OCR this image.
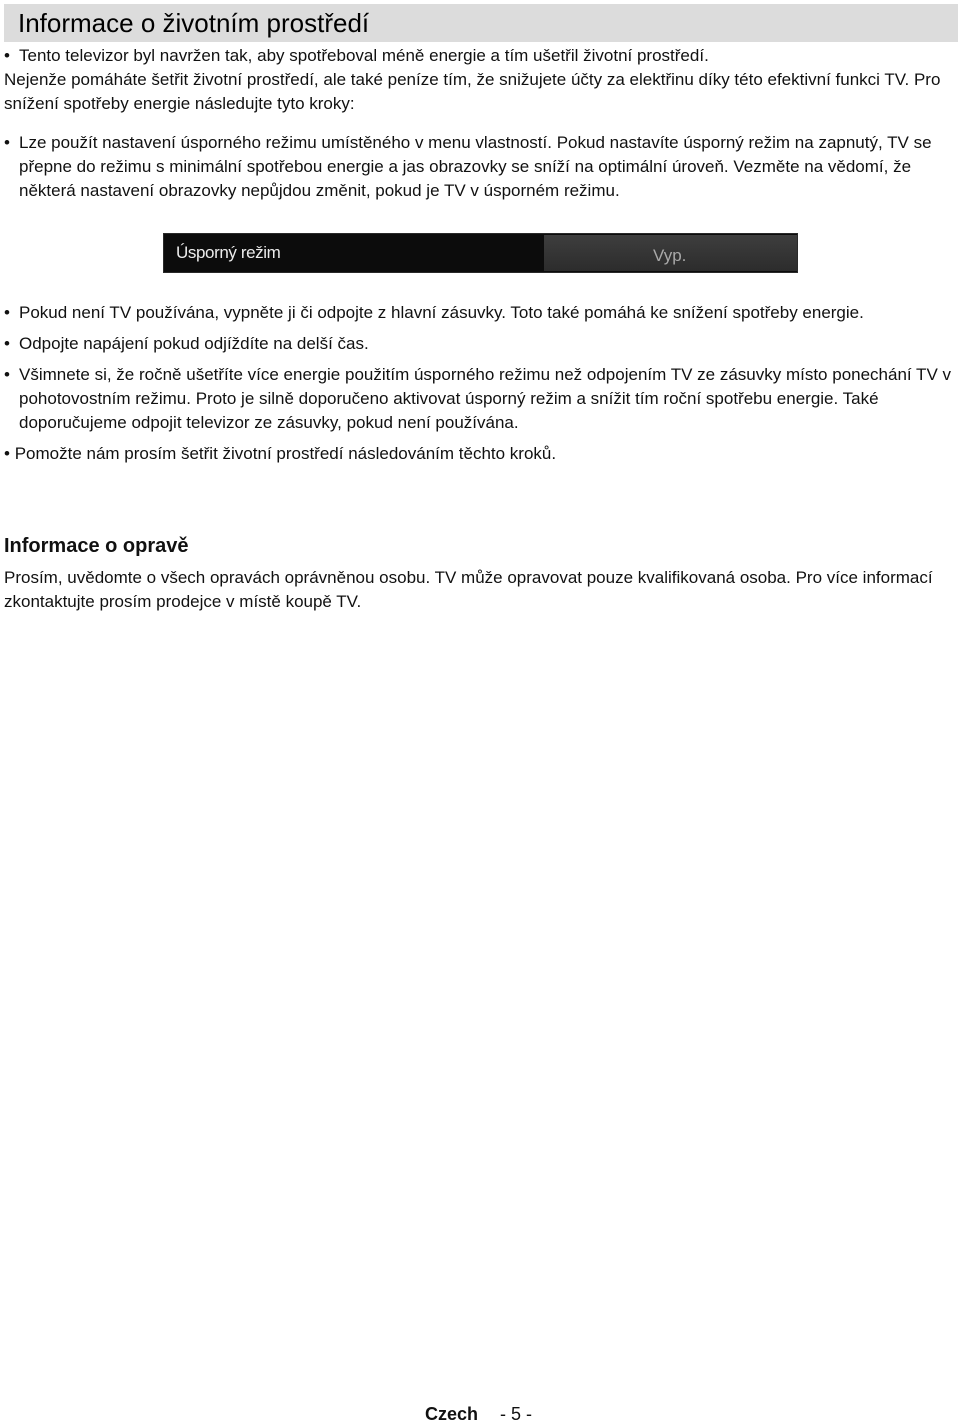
Informace o životním prostředí

• Tento televizor byl navržen tak, aby spotřeboval méně energie a tím ušetřil životní prostředí.

Nejenže pomáháte šetřit životní prostředí, ale také peníze tím, že snižujete účty za elektřinu díky této efektivní funkci TV. Pro snížení spotřeby energie následujte tyto kroky:

• Lze použít nastavení úsporného režimu umístěného v menu vlastností. Pokud nastavíte úsporný režim na zapnutý, TV se přepne do režimu s minimální spotřebou energie a jas obrazovky se sníží na optimální úroveň. Vezměte na vědomí, že některá nastavení obrazovky nepůjdou změnit, pokud je TV v úsporném režimu.

Úsporný režim	Vyp.

• Pokud není TV používána, vypněte ji či odpojte z hlavní zásuvky. Toto také pomáhá ke snížení spotřeby energie.

• Odpojte napájení pokud odjíždíte na delší čas.

• Všimnete si, že ročně ušetříte více energie použitím úsporného režimu než odpojením TV ze zásuvky místo ponechání TV v pohotovostním režimu. Proto je silně doporučeno aktivovat úsporný režim a snížit tím roční spotřebu energie. Také doporučujeme odpojit televizor ze zásuvky, pokud není používána.

• Pomožte nám prosím šetřit životní prostředí následováním těchto kroků.

Informace o opravě

Prosím, uvědomte o všech opravách oprávněnou osobu. TV může opravovat pouze kvalifikovaná osoba. Pro více informací zkontaktujte prosím prodejce v místě koupě TV.

Czech - 5 -
